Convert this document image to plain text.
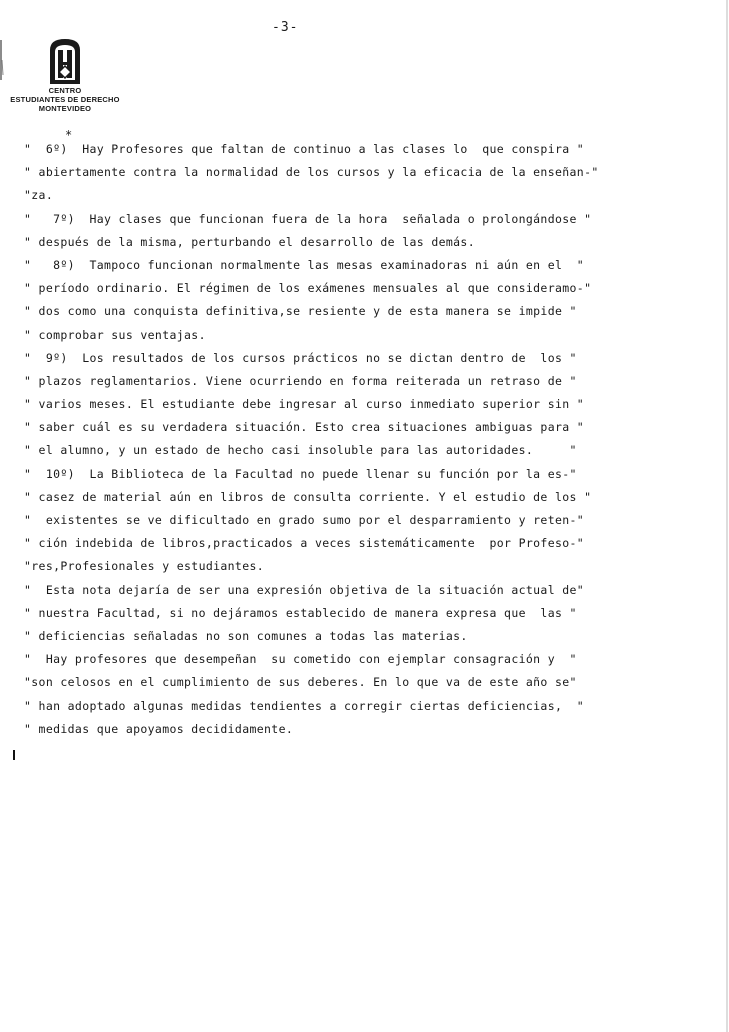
-3-
CENTRO
ESTUDIANTES DE DERECHO
MONTEVIDEO
*
"  6º)  Hay Profesores que faltan de continuo a las clases lo  que conspira "
" abiertamente contra la normalidad de los cursos y la eficacia de la enseñan-"
"za.
"   7º)  Hay clases que funcionan fuera de la hora  señalada o prolongándose "
" después de la misma, perturbando el desarrollo de las demás.
"   8º)  Tampoco funcionan normalmente las mesas examinadoras ni aún en el  "
" período ordinario. El régimen de los exámenes mensuales al que consideramo-"
" dos como una conquista definitiva,se resiente y de esta manera se impide "
" comprobar sus ventajas.
"  9º)  Los resultados de los cursos prácticos no se dictan dentro de  los "
" plazos reglamentarios. Viene ocurriendo en forma reiterada un retraso de "
" varios meses. El estudiante debe ingresar al curso inmediato superior sin "
" saber cuál es su verdadera situación. Esto crea situaciones ambiguas para "
" el alumno, y un estado de hecho casi insoluble para las autoridades.     "
"  10º)  La Biblioteca de la Facultad no puede llenar su función por la es-"
" casez de material aún en libros de consulta corriente. Y el estudio de los "
"  existentes se ve dificultado en grado sumo por el desparramiento y reten-"
" ción indebida de libros,practicados a veces sistemáticamente  por Profeso-"
"res,Profesionales y estudiantes.
"  Esta nota dejaría de ser una expresión objetiva de la situación actual de"
" nuestra Facultad, si no dejáramos establecido de manera expresa que  las "
" deficiencias señaladas no son comunes a todas las materias.
"  Hay profesores que desempeñan  su cometido con ejemplar consagración y  "
"son celosos en el cumplimiento de sus deberes. En lo que va de este año se"
" han adoptado algunas medidas tendientes a corregir ciertas deficiencias,  "
" medidas que apoyamos decididamente.
